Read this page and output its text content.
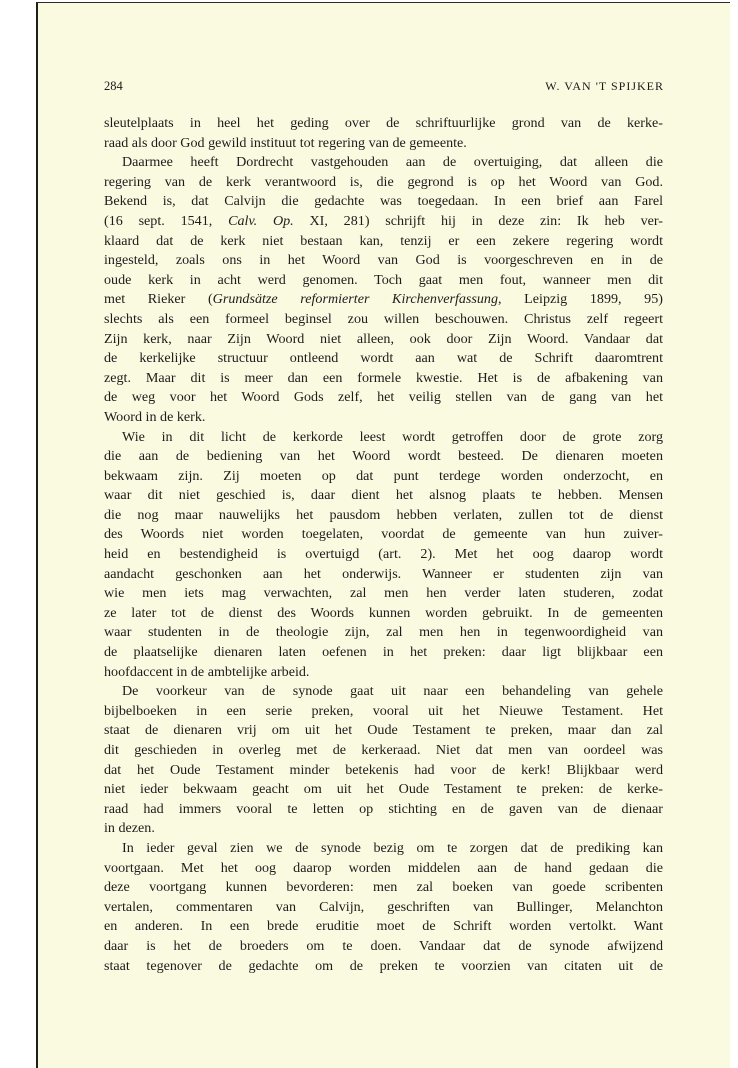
284	W. VAN 'T SPIJKER
sleutelplaats in heel het geding over de schriftuurlijke grond van de kerke-
raad als door God gewild instituut tot regering van de gemeente.
Daarmee heeft Dordrecht vastgehouden aan de overtuiging, dat alleen die
regering van de kerk verantwoord is, die gegrond is op het Woord van God.
Bekend is, dat Calvijn die gedachte was toegedaan. In een brief aan Farel
(16 sept. 1541, Calv. Op. XI, 281) schrijft hij in deze zin: Ik heb ver-
klaard dat de kerk niet bestaan kan, tenzij er een zekere regering wordt
ingesteld, zoals ons in het Woord van God is voorgeschreven en in de
oude kerk in acht werd genomen. Toch gaat men fout, wanneer men dit
met Rieker (Grundsätze reformierter Kirchenverfassung, Leipzig 1899, 95)
slechts als een formeel beginsel zou willen beschouwen. Christus zelf regeert
Zijn kerk, naar Zijn Woord niet alleen, ook door Zijn Woord. Vandaar dat
de kerkelijke structuur ontleend wordt aan wat de Schrift daaromtrent
zegt. Maar dit is meer dan een formele kwestie. Het is de afbakening van
de weg voor het Woord Gods zelf, het veilig stellen van de gang van het
Woord in de kerk.
Wie in dit licht de kerkorde leest wordt getroffen door de grote zorg
die aan de bediening van het Woord wordt besteed. De dienaren moeten
bekwaam zijn. Zij moeten op dat punt terdege worden onderzocht, en
waar dit niet geschied is, daar dient het alsnog plaats te hebben. Mensen
die nog maar nauwelijks het pausdom hebben verlaten, zullen tot de dienst
des Woords niet worden toegelaten, voordat de gemeente van hun zuiver-
heid en bestendigheid is overtuigd (art. 2). Met het oog daarop wordt
aandacht geschonken aan het onderwijs. Wanneer er studenten zijn van
wie men iets mag verwachten, zal men hen verder laten studeren, zodat
ze later tot de dienst des Woords kunnen worden gebruikt. In de gemeenten
waar studenten in de theologie zijn, zal men hen in tegenwoordigheid van
de plaatselijke dienaren laten oefenen in het preken: daar ligt blijkbaar een
hoofdaccent in de ambtelijke arbeid.
De voorkeur van de synode gaat uit naar een behandeling van gehele
bijbelboeken in een serie preken, vooral uit het Nieuwe Testament. Het
staat de dienaren vrij om uit het Oude Testament te preken, maar dan zal
dit geschieden in overleg met de kerkeraad. Niet dat men van oordeel was
dat het Oude Testament minder betekenis had voor de kerk! Blijkbaar werd
niet ieder bekwaam geacht om uit het Oude Testament te preken: de kerke-
raad had immers vooral te letten op stichting en de gaven van de dienaar
in dezen.
In ieder geval zien we de synode bezig om te zorgen dat de prediking kan
voortgaan. Met het oog daarop worden middelen aan de hand gedaan die
deze voortgang kunnen bevorderen: men zal boeken van goede scribenten
vertalen, commentaren van Calvijn, geschriften van Bullinger, Melanchton
en anderen. In een brede eruditie moet de Schrift worden vertolkt. Want
daar is het de broeders om te doen. Vandaar dat de synode afwijzend
staat tegenover de gedachte om de preken te voorzien van citaten uit de
